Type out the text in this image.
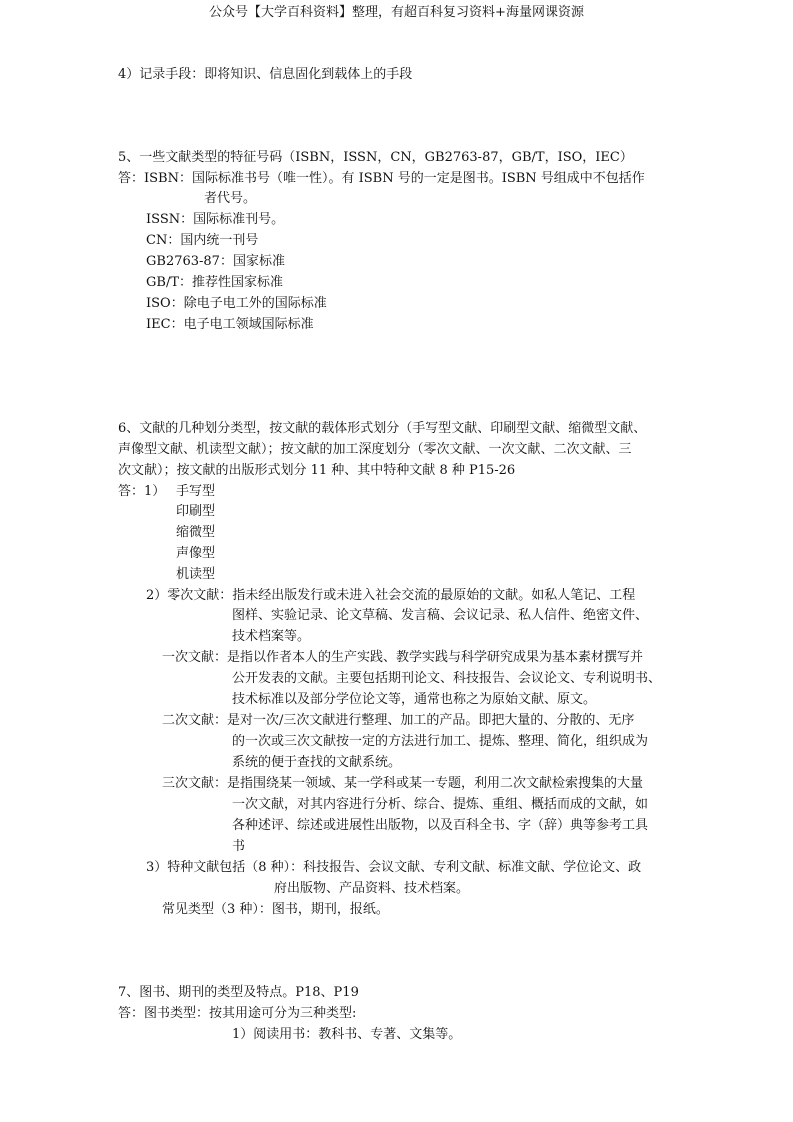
公众号【大学百科资料】整理，有超百科复习资料+海量网课资源
4）记录手段：即将知识、信息固化到载体上的手段
5、一些文献类型的特征号码（ISBN，ISSN，CN，GB2763-87，GB/T，ISO，IEC）
答：ISBN：国际标准书号（唯一性）。有 ISBN 号的一定是图书。ISBN 号组成中不包括作
者代号。
ISSN：国际标准刊号。
CN：国内统一刊号
GB2763-87：国家标准
GB/T：推荐性国家标准
ISO：除电子电工外的国际标准
IEC：电子电工领域国际标准
6、文献的几种划分类型，按文献的载体形式划分（手写型文献、印刷型文献、缩微型文献、
声像型文献、机读型文献）；按文献的加工深度划分（零次文献、一次文献、二次文献、三
次文献）；按文献的出版形式划分 11 种、其中特种文献 8 种 P15-26
答：1） 手写型
印刷型
缩微型
声像型
机读型
2）零次文献：指未经出版发行或未进入社会交流的最原始的文献。如私人笔记、工程
图样、实验记录、论文草稿、发言稿、会议记录、私人信件、绝密文件、
技术档案等。
一次文献：是指以作者本人的生产实践、教学实践与科学研究成果为基本素材撰写并
公开发表的文献。主要包括期刊论文、科技报告、会议论文、专利说明书、
技术标准以及部分学位论文等，通常也称之为原始文献、原文。
二次文献：是对一次/三次文献进行整理、加工的产品。即把大量的、分散的、无序
的一次或三次文献按一定的方法进行加工、提炼、整理、简化，组织成为
系统的便于查找的文献系统。
三次文献：是指围绕某一领域、某一学科或某一专题，利用二次文献检索搜集的大量
一次文献，对其内容进行分析、综合、提炼、重组、概括而成的文献，如
各种述评、综述或进展性出版物，以及百科全书、字（辞）典等参考工具
书
3）特种文献包括（8 种）：科技报告、会议文献、专利文献、标准文献、学位论文、政
府出版物、产品资料、技术档案。
常见类型（3 种）：图书，期刊，报纸。
7、图书、期刊的类型及特点。P18、P19
答：图书类型：按其用途可分为三种类型:
1）阅读用书：教科书、专著、文集等。
